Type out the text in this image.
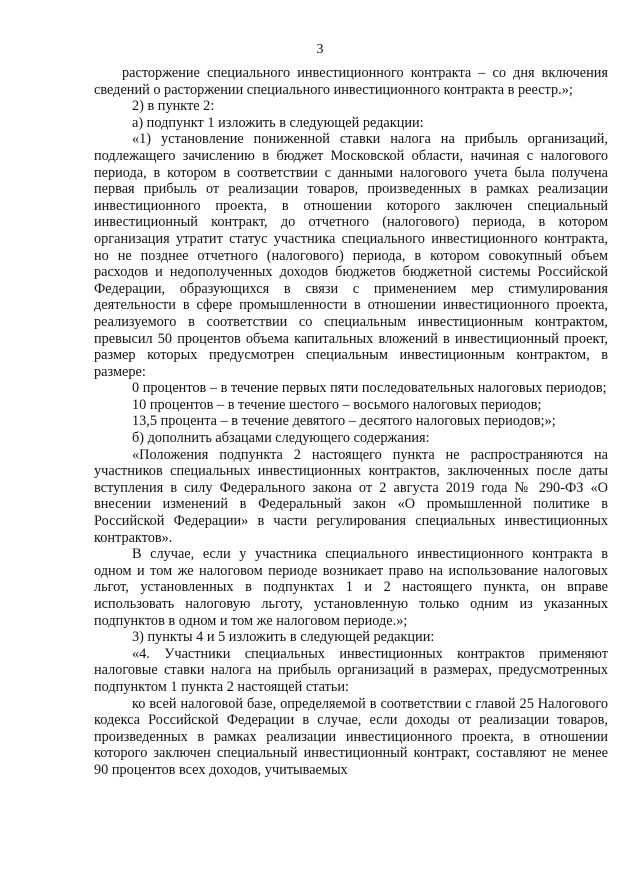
3

расторжение специального инвестиционного контракта – со дня включения сведений о расторжении специального инвестиционного контракта в реестр.»;

2) в пункте 2:

а) подпункт 1 изложить в следующей редакции:

«1) установление пониженной ставки налога на прибыль организаций, подлежащего зачислению в бюджет Московской области, начиная с налогового периода, в котором в соответствии с данными налогового учета была получена первая прибыль от реализации товаров, произведенных в рамках реализации инвестиционного проекта, в отношении которого заключен специальный инвестиционный контракт, до отчетного (налогового) периода, в котором организация утратит статус участника специального инвестиционного контракта, но не позднее отчетного (налогового) периода, в котором совокупный объем расходов и недополученных доходов бюджетов бюджетной системы Российской Федерации, образующихся в связи с применением мер стимулирования деятельности в сфере промышленности в отношении инвестиционного проекта, реализуемого в соответствии со специальным инвестиционным контрактом, превысил 50 процентов объема капитальных вложений в инвестиционный проект, размер которых предусмотрен специальным инвестиционным контрактом, в размере:

0 процентов – в течение первых пяти последовательных налоговых периодов;

10 процентов – в течение шестого – восьмого налоговых периодов;

13,5 процента – в течение девятого – десятого налоговых периодов;»;

б) дополнить абзацами следующего содержания:

«Положения подпункта 2 настоящего пункта не распространяются на участников специальных инвестиционных контрактов, заключенных после даты вступления в силу Федерального закона от 2 августа 2019 года № 290-ФЗ «О внесении изменений в Федеральный закон «О промышленной политике в Российской Федерации» в части регулирования специальных инвестиционных контрактов».

В случае, если у участника специального инвестиционного контракта в одном и том же налоговом периоде возникает право на использование налоговых льгот, установленных в подпунктах 1 и 2 настоящего пункта, он вправе использовать налоговую льготу, установленную только одним из указанных подпунктов в одном и том же налоговом периоде.»;

3) пункты 4 и 5 изложить в следующей редакции:

«4. Участники специальных инвестиционных контрактов применяют налоговые ставки налога на прибыль организаций в размерах, предусмотренных подпунктом 1 пункта 2 настоящей статьи:

ко всей налоговой базе, определяемой в соответствии с главой 25 Налогового кодекса Российской Федерации в случае, если доходы от реализации товаров, произведенных в рамках реализации инвестиционного проекта, в отношении которого заключен специальный инвестиционный контракт, составляют не менее 90 процентов всех доходов, учитываемых
